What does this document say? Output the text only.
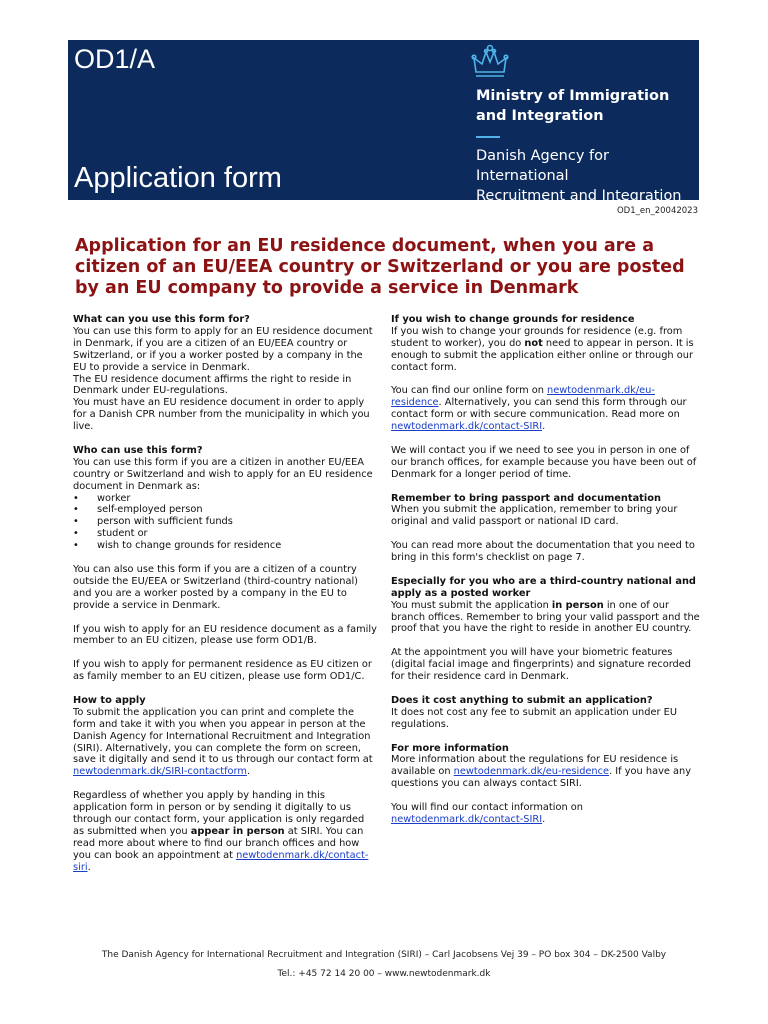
OD1/A
Application form
Ministry of Immigration
and Integration
Danish Agency for International
Recruitment and Integration
OD1_en_20042023
Application for an EU residence document, when you are a citizen of an EU/EEA country or Switzerland or you are posted by an EU company to provide a service in Denmark
What can you use this form for?

You can use this form to apply for an EU residence document in Denmark, if you are a citizen of an EU/EEA country or Switzerland, or if you a worker posted by a company in the EU to provide a service in Denmark.

The EU residence document affirms the right to reside in Denmark under EU-regulations.

You must have an EU residence document in order to apply for a Danish CPR number from the municipality in which you live.

Who can use this form?

You can use this form if you are a citizen in another EU/EEA country or Switzerland and wish to apply for an EU residence document in Denmark as:

• worker
• self-employed person
• person with sufficient funds
• student or
• wish to change grounds for residence

You can also use this form if you are a citizen of a country outside the EU/EEA or Switzerland (third-country national) and you are a worker posted by a company in the EU to provide a service in Denmark.

If you wish to apply for an EU residence document as a family member to an EU citizen, please use form OD1/B.

If you wish to apply for permanent residence as EU citizen or as family member to an EU citizen, please use form OD1/C.

How to apply

To submit the application you can print and complete the form and take it with you when you appear in person at the Danish Agency for International Recruitment and Integration (SIRI). Alternatively, you can complete the form on screen, save it digitally and send it to us through our contact form at newtodenmark.dk/SIRI-contactform.

Regardless of whether you apply by handing in this application form in person or by sending it digitally to us through our contact form, your application is only regarded as submitted when you appear in person at SIRI. You can read more about where to find our branch offices and how you can book an appointment at newtodenmark.dk/contact-siri.

If you wish to change grounds for residence

If you wish to change your grounds for residence (e.g. from student to worker), you do not need to appear in person. It is enough to submit the application either online or through our contact form.

You can find our online form on newtodenmark.dk/eu-residence. Alternatively, you can send this form through our contact form or with secure communication. Read more on newtodenmark.dk/contact-SIRI.

We will contact you if we need to see you in person in one of our branch offices, for example because you have been out of Denmark for a longer period of time.

Remember to bring passport and documentation

When you submit the application, remember to bring your original and valid passport or national ID card.

You can read more about the documentation that you need to bring in this form's checklist on page 7.

Especially for you who are a third-country national and apply as a posted worker

You must submit the application in person in one of our branch offices. Remember to bring your valid passport and the proof that you have the right to reside in another EU country.

At the appointment you will have your biometric features (digital facial image and fingerprints) and signature recorded for their residence card in Denmark.

Does it cost anything to submit an application?

It does not cost any fee to submit an application under EU regulations.

For more information

More information about the regulations for EU residence is available on newtodenmark.dk/eu-residence. If you have any questions you can always contact SIRI.

You will find our contact information on newtodenmark.dk/contact-SIRI.

The Danish Agency for International Recruitment and Integration (SIRI) – Carl Jacobsens Vej 39 – PO box 304 – DK-2500 Valby
Tel.: +45 72 14 20 00 – www.newtodenmark.dk
